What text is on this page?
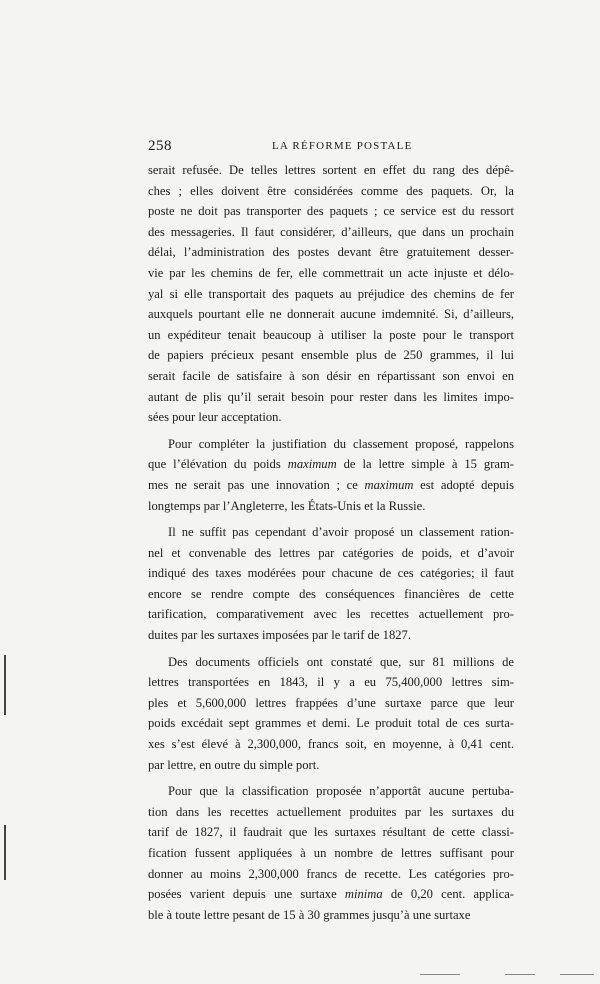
258	LA RÉFORME POSTALE
serait refusée. De telles lettres sortent en effet du rang des dépê-
ches ; elles doivent être considérées comme des paquets. Or, la
poste ne doit pas transporter des paquets ; ce service est du ressort
des messageries. Il faut considérer, d’ailleurs, que dans un prochain
délai, l’administration des postes devant être gratuitement desser-
vie par les chemins de fer, elle commettrait un acte injuste et délo-
yal si elle transportait des paquets au préjudice des chemins de fer
auxquels pourtant elle ne donnerait aucune imdemnité. Si, d’ailleurs,
un expéditeur tenait beaucoup à utiliser la poste pour le transport
de papiers précieux pesant ensemble plus de 250 grammes, il lui
serait facile de satisfaire à son désir en répartissant son envoi en
autant de plis qu’il serait besoin pour rester dans les limites impo-
sées pour leur acceptation.
Pour compléter la justifiation du classement proposé, rappelons
que l’élévation du poids maximum de la lettre simple à 15 gram-
mes ne serait pas une innovation ; ce maximum est adopté depuis
longtemps par l’Angleterre, les États-Unis et la Russie.
Il ne suffit pas cependant d’avoir proposé un classement ration-
nel et convenable des lettres par catégories de poids, et d’avoir
indiqué des taxes modérées pour chacune de ces catégories; il faut
encore se rendre compte des conséquences financières de cette
tarification, comparativement avec les recettes actuellement pro-
duites par les surtaxes imposées par le tarif de 1827.
Des documents officiels ont constaté que, sur 81 millions de
lettres transportées en 1843, il y a eu 75,400,000 lettres sim-
ples et 5,600,000 lettres frappées d’une surtaxe parce que leur
poids excédait sept grammes et demi. Le produit total de ces surta-
xes s’est élevé à 2,300,000, francs soit, en moyenne, à 0,41 cent.
par lettre, en outre du simple port.
Pour que la classification proposée n’apportât aucune pertuba-
tion dans les recettes actuellement produites par les surtaxes du
tarif de 1827, il faudrait que les surtaxes résultant de cette classi-
fication fussent appliquées à un nombre de lettres suffisant pour
donner au moins 2,300,000 francs de recette. Les catégories pro-
posées varient depuis une surtaxe minima de 0,20 cent. applica-
ble à toute lettre pesant de 15 à 30 grammes jusqu’à une surtaxe
